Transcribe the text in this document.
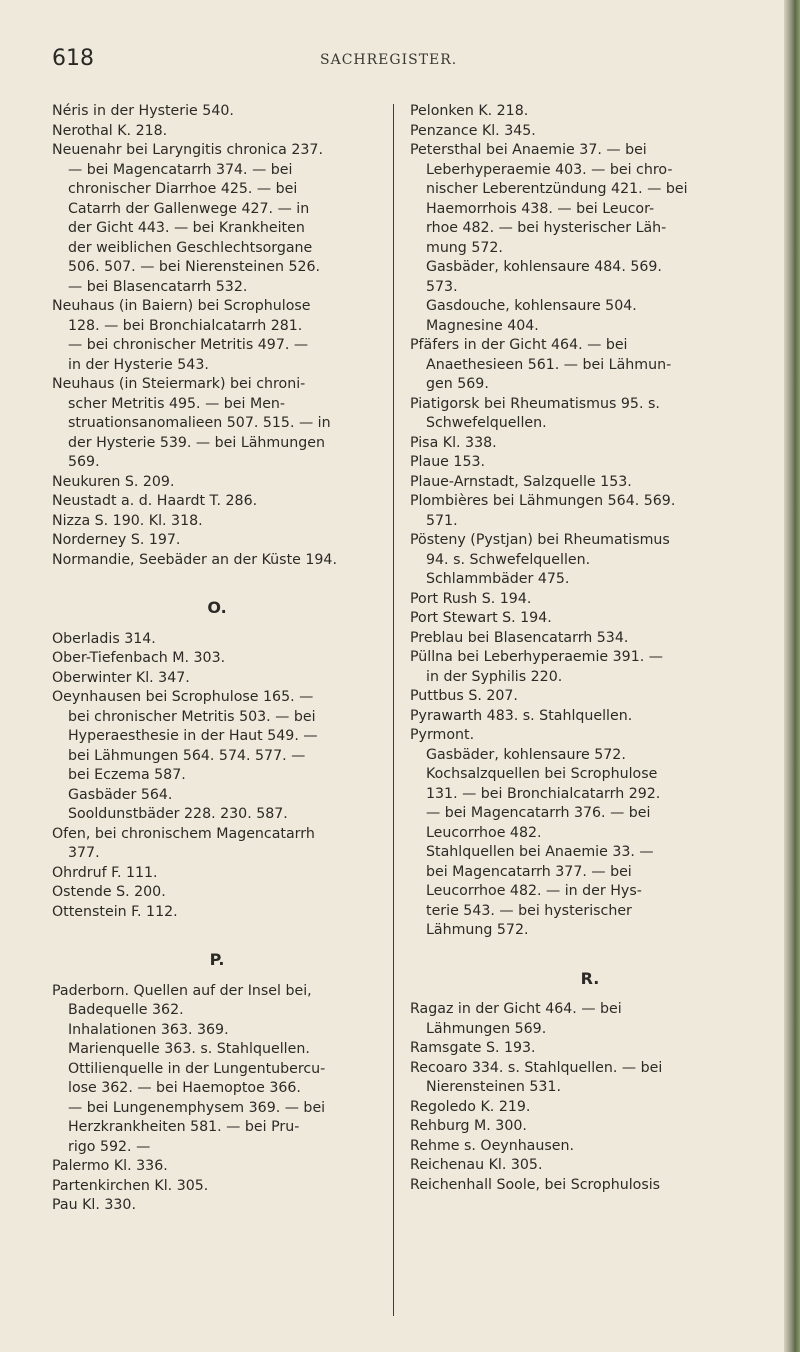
618	SACHREGISTER.
Néris in der Hysterie 540.
Nerothal K. 218.
Neuenahr bei Laryngitis chronica 237.
— bei Magencatarrh 374. — bei
chronischer Diarrhoe 425. — bei
Catarrh der Gallenwege 427. — in
der Gicht 443. — bei Krankheiten
der weiblichen Geschlechtsorgane
506. 507. — bei Nierensteinen 526.
— bei Blasencatarrh 532.
Neuhaus (in Baiern) bei Scrophulose
128. — bei Bronchialcatarrh 281.
— bei chronischer Metritis 497. —
in der Hysterie 543.
Neuhaus (in Steiermark) bei chroni-
scher Metritis 495. — bei Men-
struationsanomalieen 507. 515. — in
der Hysterie 539. — bei Lähmungen
569.
Neukuren S. 209.
Neustadt a. d. Haardt T. 286.
Nizza S. 190. Kl. 318.
Norderney S. 197.
Normandie, Seebäder an der Küste 194.
O.
Oberladis 314.
Ober-Tiefenbach M. 303.
Oberwinter Kl. 347.
Oeynhausen bei Scrophulose 165. —
bei chronischer Metritis 503. — bei
Hyperaesthesie in der Haut 549. —
bei Lähmungen 564. 574. 577. —
bei Eczema 587.
Gasbäder 564.
Sooldunstbäder 228. 230. 587.
Ofen, bei chronischem Magencatarrh
377.
Ohrdruf F. 111.
Ostende S. 200.
Ottenstein F. 112.
P.
Paderborn. Quellen auf der Insel bei,
Badequelle 362.
Inhalationen 363. 369.
Marienquelle 363. s. Stahlquellen.
Ottilienquelle in der Lungentubercu-
lose 362. — bei Haemoptoe 366.
— bei Lungenemphysem 369. — bei
Herzkrankheiten 581. — bei Pru-
rigo 592. —
Palermo Kl. 336.
Partenkirchen Kl. 305.
Pau Kl. 330.
Pelonken K. 218.
Penzance Kl. 345.
Petersthal bei Anaemie 37. — bei
Leberhyperaemie 403. — bei chro-
nischer Leberentzündung 421. — bei
Haemorrhois 438. — bei Leucor-
rhoe 482. — bei hysterischer Läh-
mung 572.
Gasbäder, kohlensaure 484. 569.
573.
Gasdouche, kohlensaure 504.
Magnesine 404.
Pfäfers in der Gicht 464. — bei
Anaethesieen 561. — bei Lähmun-
gen 569.
Piatigorsk bei Rheumatismus 95. s.
Schwefelquellen.
Pisa Kl. 338.
Plaue 153.
Plaue-Arnstadt, Salzquelle 153.
Plombières bei Lähmungen 564. 569.
571.
Pösteny (Pystjan) bei Rheumatismus
94. s. Schwefelquellen.
Schlammbäder 475.
Port Rush S. 194.
Port Stewart S. 194.
Preblau bei Blasencatarrh 534.
Püllna bei Leberhyperaemie 391. —
in der Syphilis 220.
Puttbus S. 207.
Pyrawarth 483. s. Stahlquellen.
Pyrmont.
Gasbäder, kohlensaure 572.
Kochsalzquellen bei Scrophulose
131. — bei Bronchialcatarrh 292.
— bei Magencatarrh 376. — bei
Leucorrhoe 482.
Stahlquellen bei Anaemie 33. —
bei Magencatarrh 377. — bei
Leucorrhoe 482. — in der Hys-
terie 543. — bei hysterischer
Lähmung 572.
R.
Ragaz in der Gicht 464. — bei
Lähmungen 569.
Ramsgate S. 193.
Recoaro 334. s. Stahlquellen. — bei
Nierensteinen 531.
Regoledo K. 219.
Rehburg M. 300.
Rehme s. Oeynhausen.
Reichenau Kl. 305.
Reichenhall Soole, bei Scrophulosis
